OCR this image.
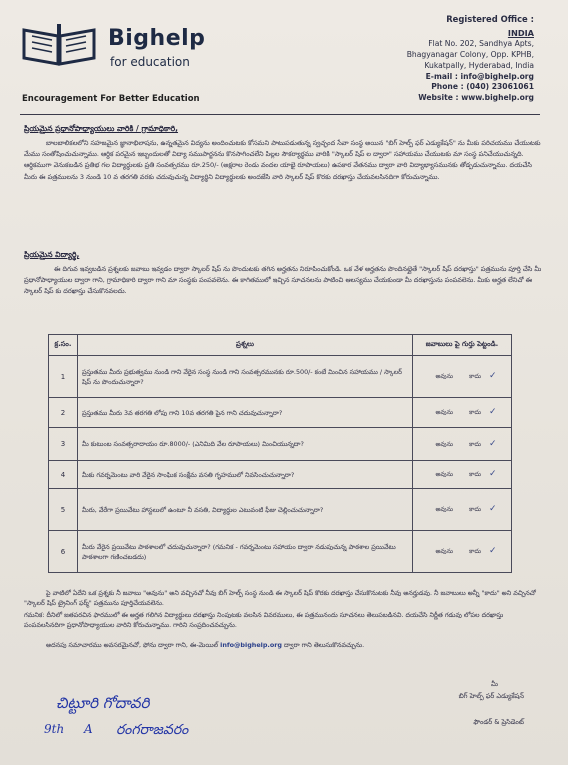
Bighelp
for education
Encouragement For Better Education
Registered Office :
INDIA
Flat No. 202, Sandhya Apts,
Bhagyanagar Colony, Opp. KPHB,
Kukatpally, Hyderabad, India
E-mail : info@bighelp.org
Phone : (040) 23061061
Website : www.bighelp.org
ప్రియమైన ప్రధానోపాధ్యాయులు వారికి / గ్రామాధికారి,
బాలబాలికలలోని సహజమైన జ్ఞానాభిలాషను, ఉన్నతమైన విద్యను అందించుటకు కోసమని పాటుపడుతున్న స్వచ్ఛంద సేవా సంస్థ అయిన "బిగ్ హెల్ప్ ఫర్ ఎడ్యుకేషన్" ను మీకు పరిచయము చేయుటకు మేము సంతోషించుచున్నాము. ఆర్థిక పరమైన ఇబ్బందులతో విద్యా సముపార్జనను కొనసాగించలేని పిల్లల సౌకర్యార్థము వారికి "స్కాలర్ షిప్ ల ద్వారా" సహాయము చేయుటకు మా సంస్థ పనిచేయుచున్నది. ఆర్థికముగా వెనుకబడిన ప్రతిభ గల విద్యార్థులకు ప్రతి సంవత్సరము రూ.250/- (అక్షరాల రెండు వందల యాభై రూపాయలు) ఉపకార వేతనము ద్వారా వారి విద్యాభ్యాసమునకు తోడ్పడుచున్నాము. దయచేసి మీరు ఈ పత్రములను 3 నుండి 10 వ తరగతి వరకు చదువుచున్న విద్యార్థిని విద్యార్థులకు అందజేసి వారి స్కాలర్ షిప్ కొరకు దరఖాస్తు చేయవలసినదిగా కోరుచున్నాము.
ప్రియమైన విద్యార్థి,
ఈ దిగువ ఇవ్వబడిన ప్రశ్నలకు జవాబు ఇవ్వడం ద్వారా స్కాలర్ షిప్ ను పొందుటకు తగిన అర్హతను నిరూపించుకోండి. ఒక వేళ అర్హతను పొందినట్లైతే "స్కాలర్ షిప్ దరఖాస్తు" పత్రమును పూర్తి చేసి మీ ప్రధానోపాధ్యాయుల ద్వారా గాని, గ్రామాధికారి ద్వారా గాని మా సంస్థకు పంపవలెను. ఈ కాగితములో ఇచ్చిన సూచనలను పాటించి ఆలస్యము చేయకుండా మీ దరఖాస్తును పంపవలెను. మీకు అర్హత లేనిచో ఈ స్కాలర్ షిప్ కు దరఖాస్తు చేసుకొనవలదు.
క్ర.సం.	ప్రశ్నలు	జవాబులు పై గుర్తు పెట్టండి.
1	ప్రస్తుతము మీరు ప్రభుత్వము నుండి గాని వేరైన సంస్థ నుండి గాని సంవత్సరమునకు రూ.500/- కంటే మించిన సహాయము / స్కాలర్ షిప్ ను పొందుచున్నారా?	అవును కాదు ✓
2	ప్రస్తుతము మీరు 3వ తరగతి లోపు గాని 10వ తరగతి పైన గాని చదువుచున్నారా?	అవును కాదు ✓
3	మీ కుటుంబ సంవత్సరాదాయం రూ.8000/- (ఎనిమిది వేల రూపాయలు) మించియున్నదా?	అవును కాదు ✓
4	మీకు గవర్నమెంటు వారి వేరైన సాంఘిక సంక్షేమ వసతి గృహములో నివసించుచున్నారా?	అవును కాదు ✓
5	మీరు, వేరేగా ప్రయివేటు హాస్టలులో ఉంటూ నీ వసతి, విద్యార్థుల ఎటువంటి ఫీజు చెల్లించుచున్నారా?	అవును కాదు ✓
6	మీరు వేరైన ప్రయివేటు పాఠశాలలో చదువుచున్నారా? (గమనిక - గవర్నమెంటు సహాయం ద్వారా నడుపుచున్న పాఠశాల ప్రయివేటు పాఠశాలగా గణించబడదు)	అవును కాదు ✓
పై వాటిలో ఏదేని ఒక ప్రశ్నకు నీ జవాబు "అవును" అని వచ్చినచో నీవు బిగ్ హెల్ప్ సంస్థ నుండి ఈ స్కాలర్ షిప్ కొరకు దరఖాస్తు చేసుకొనుటకు నీవు అనర్హుడవు. నీ జవాబులు అన్నీ "కాదు" అని వచ్చినచో "స్కాలర్ షిప్ ట్రైనింగ్ ఫర్మ్" పత్రమును పూర్తిచేయవలెను.
గమనిక: దీనిలో జతపరచిన ఫారములో ఈ అర్హత గలిగిన విద్యార్థులు దరఖాస్తు నింపుటకు వలసిన వివరములు, ఈ పత్రమునందు సూచనలు తెలుపబడినవి. దయచేసి నిర్ణీత గడువు లోపల దరఖాస్తు పంపవలసినదిగా ప్రధానోపాధ్యాయుల వారిని కోరుచున్నాము. గారిని సంప్రదించవచ్చును.
అదనపు సమాచారము అవసరమైనచో, ఫోను ద్వారా గాని, ఈ-మెయిల్ info@bighelp.org ద్వారా గాని తెలుసుకొనవచ్చును.
మీ
బిగ్ హెల్ప్ ఫర్ ఎడ్యుకేషన్
ఫౌండర్ & ప్రెసిడెంట్
చిట్టూరి గోదావరి
9th A రంగరాజవరం
